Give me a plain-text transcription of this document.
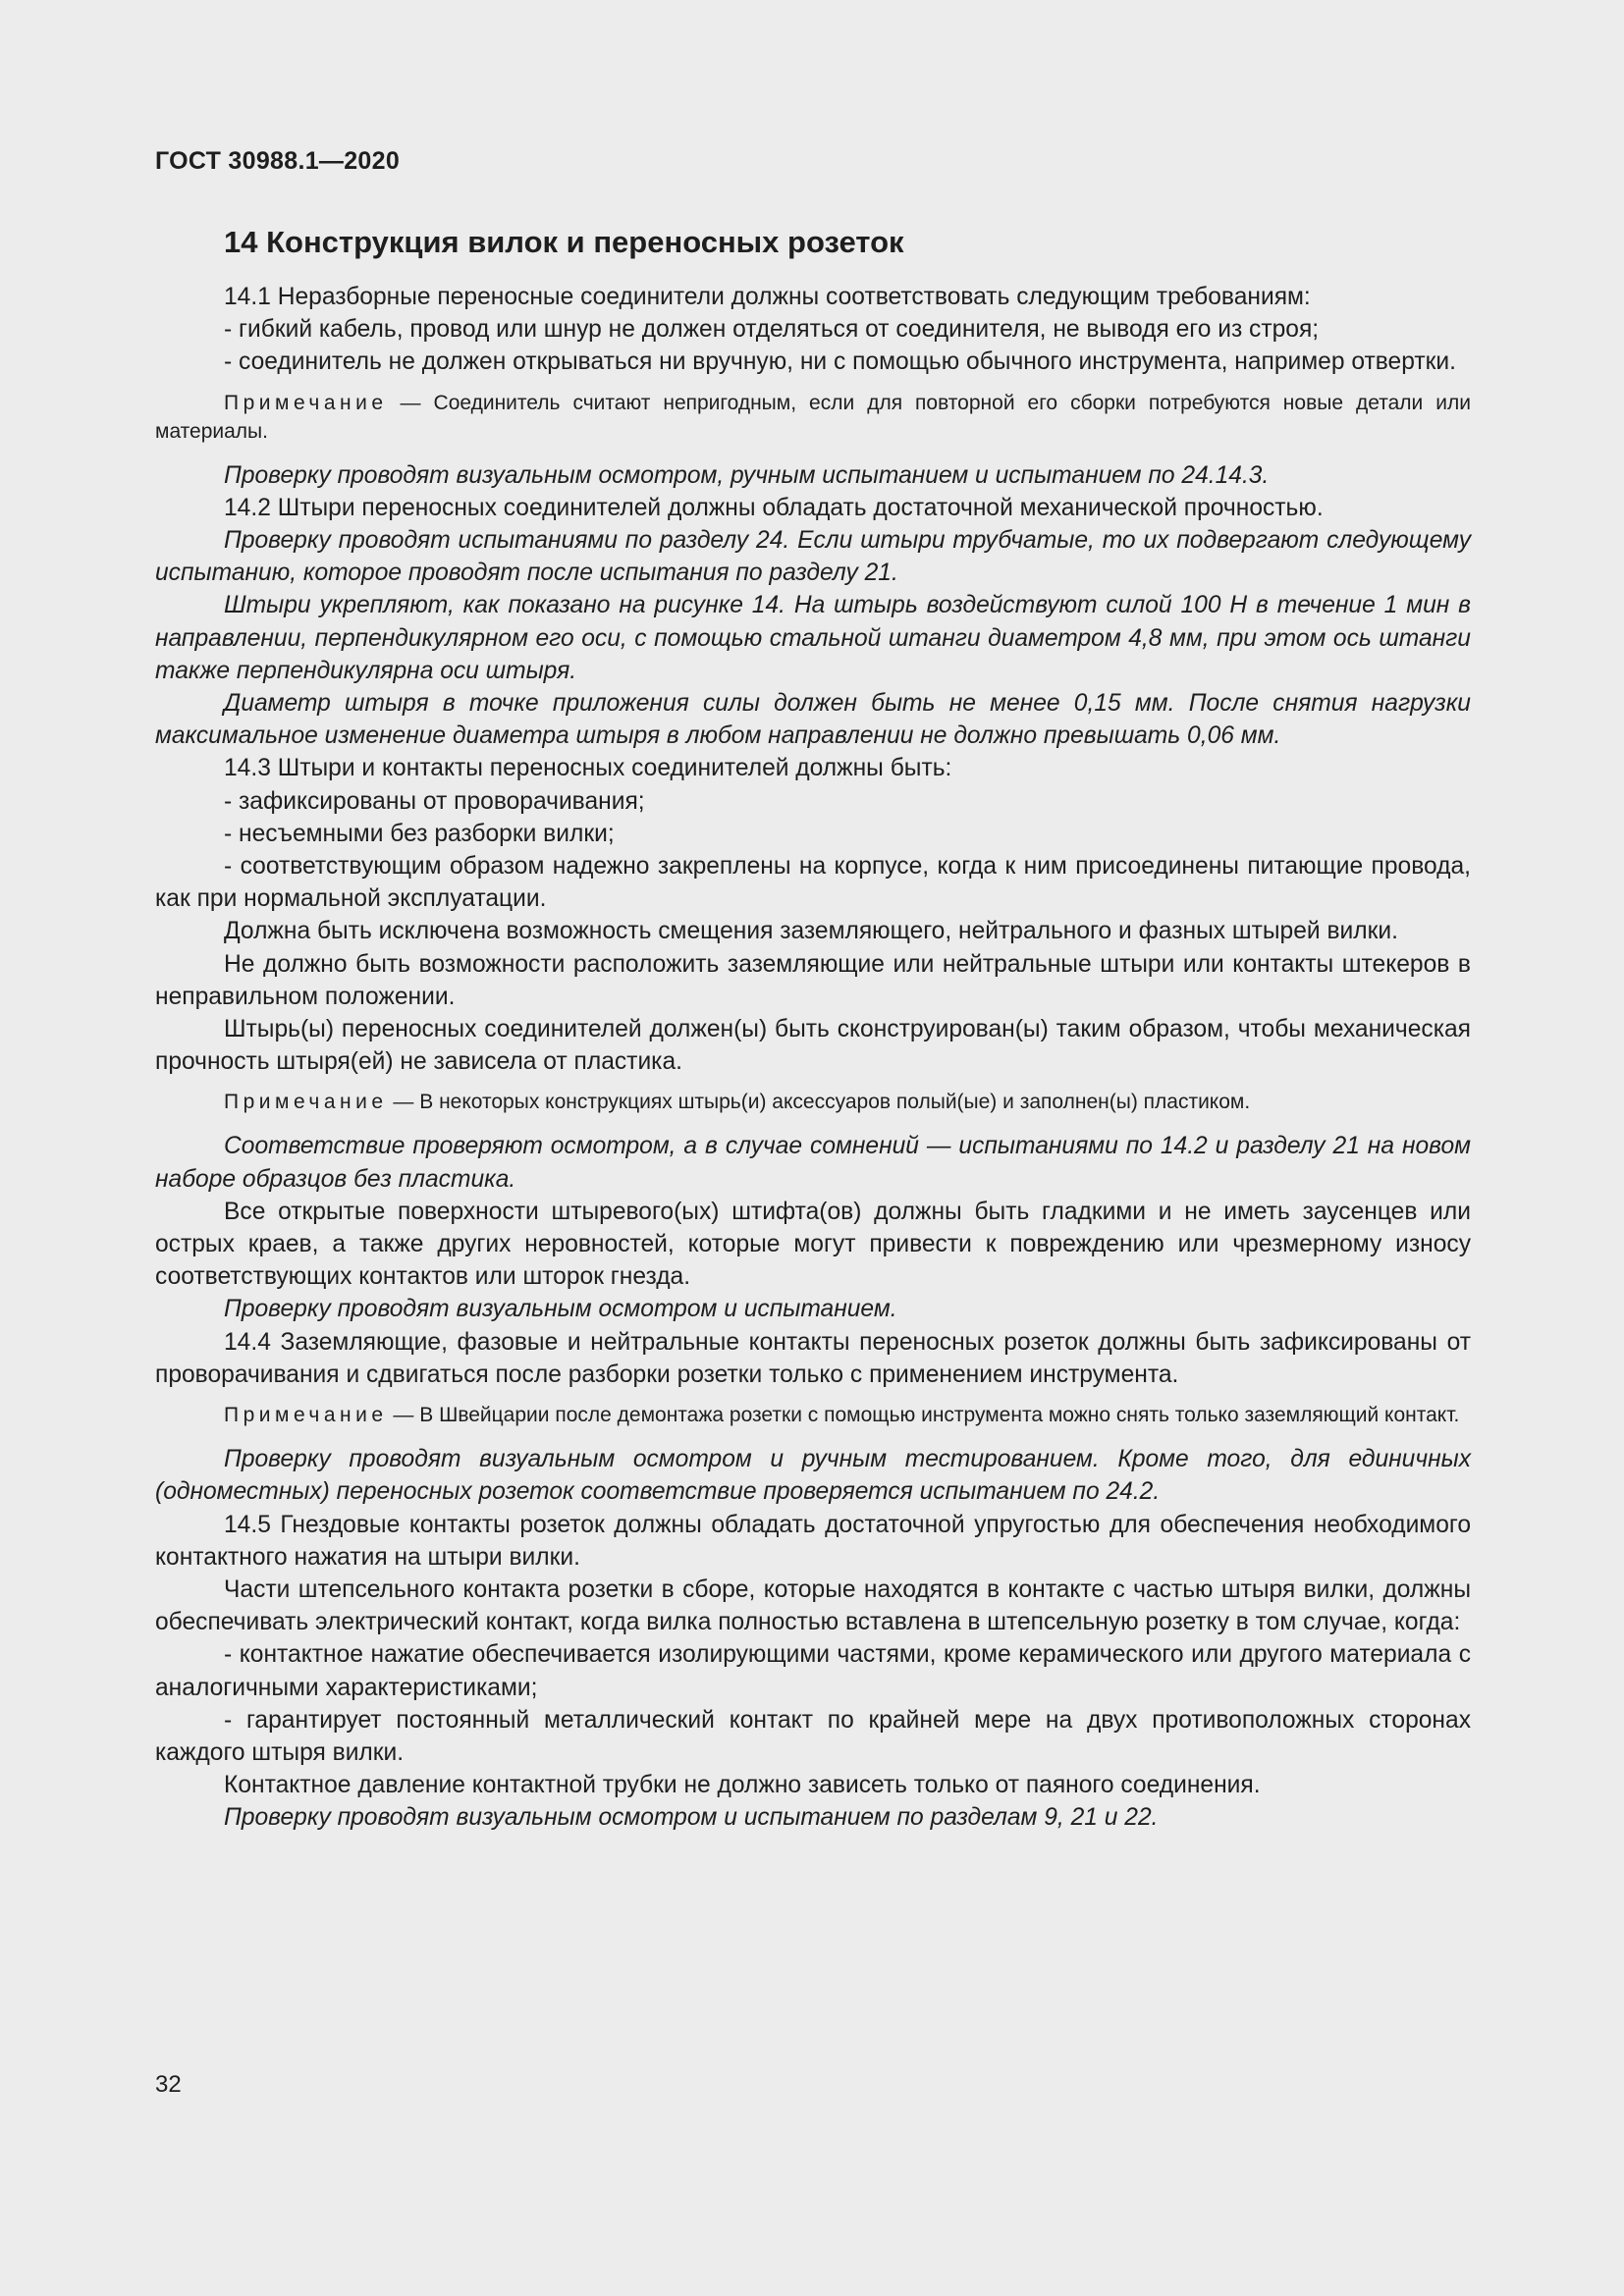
ГОСТ 30988.1—2020
14 Конструкция вилок и переносных розеток

14.1 Неразборные переносные соединители должны соответствовать следующим требованиям:

- гибкий кабель, провод или шнур не должен отделяться от соединителя, не выводя его из строя;

- соединитель не должен открываться ни вручную, ни с помощью обычного инструмента, например отвертки.

Примечание — Соединитель считают непригодным, если для повторной его сборки потребуются новые детали или материалы.

Проверку проводят визуальным осмотром, ручным испытанием и испытанием по 24.14.3.

14.2 Штыри переносных соединителей должны обладать достаточной механической прочностью.

Проверку проводят испытаниями по разделу 24. Если штыри трубчатые, то их подвергают следующему испытанию, которое проводят после испытания по разделу 21.

Штыри укрепляют, как показано на рисунке 14. На штырь воздействуют силой 100 Н в течение 1 мин в направлении, перпендикулярном его оси, с помощью стальной штанги диаметром 4,8 мм, при этом ось штанги также перпендикулярна оси штыря.

Диаметр штыря в точке приложения силы должен быть не менее 0,15 мм. После снятия нагрузки максимальное изменение диаметра штыря в любом направлении не должно превышать 0,06 мм.

14.3 Штыри и контакты переносных соединителей должны быть:

- зафиксированы от проворачивания;

- несъемными без разборки вилки;

- соответствующим образом надежно закреплены на корпусе, когда к ним присоединены питающие провода, как при нормальной эксплуатации.

Должна быть исключена возможность смещения заземляющего, нейтрального и фазных штырей вилки.

Не должно быть возможности расположить заземляющие или нейтральные штыри или контакты штекеров в неправильном положении.

Штырь(ы) переносных соединителей должен(ы) быть сконструирован(ы) таким образом, чтобы механическая прочность штыря(ей) не зависела от пластика.

Примечание — В некоторых конструкциях штырь(и) аксессуаров полый(ые) и заполнен(ы) пластиком.

Соответствие проверяют осмотром, а в случае сомнений — испытаниями по 14.2 и разделу 21 на новом наборе образцов без пластика.

Все открытые поверхности штыревого(ых) штифта(ов) должны быть гладкими и не иметь заусенцев или острых краев, а также других неровностей, которые могут привести к повреждению или чрезмерному износу соответствующих контактов или шторок гнезда.

Проверку проводят визуальным осмотром и испытанием.

14.4 Заземляющие, фазовые и нейтральные контакты переносных розеток должны быть зафиксированы от проворачивания и сдвигаться после разборки розетки только с применением инструмента.

Примечание — В Швейцарии после демонтажа розетки с помощью инструмента можно снять только заземляющий контакт.

Проверку проводят визуальным осмотром и ручным тестированием. Кроме того, для единичных (одноместных) переносных розеток соответствие проверяется испытанием по 24.2.

14.5 Гнездовые контакты розеток должны обладать достаточной упругостью для обеспечения необходимого контактного нажатия на штыри вилки.

Части штепсельного контакта розетки в сборе, которые находятся в контакте с частью штыря вилки, должны обеспечивать электрический контакт, когда вилка полностью вставлена в штепсельную розетку в том случае, когда:

- контактное нажатие обеспечивается изолирующими частями, кроме керамического или другого материала с аналогичными характеристиками;

- гарантирует постоянный металлический контакт по крайней мере на двух противоположных сторонах каждого штыря вилки.

Контактное давление контактной трубки не должно зависеть только от паяного соединения.

Проверку проводят визуальным осмотром и испытанием по разделам 9, 21 и 22.

32
